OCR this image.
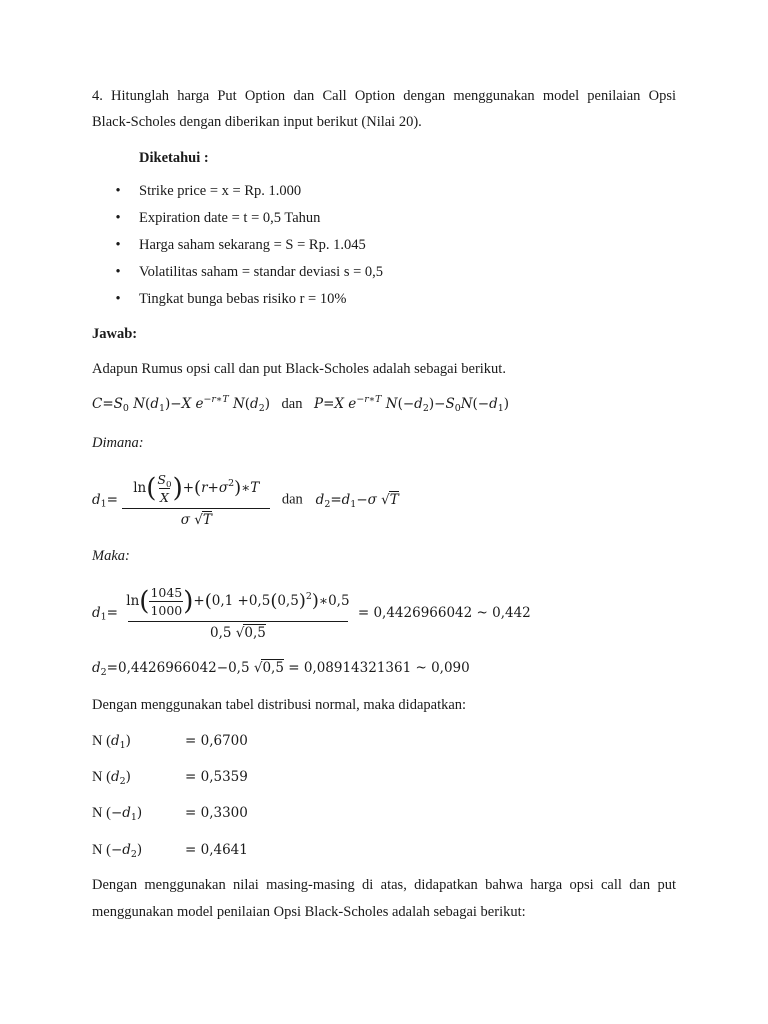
4. Hitunglah harga Put Option dan Call Option dengan menggunakan model penilaian Opsi
Black-Scholes dengan diberikan input berikut (Nilai 20).
Diketahui :
• Strike price = x = Rp. 1.000
• Expiration date = t = 0,5 Tahun
• Harga saham sekarang = S = Rp. 1.045
• Volatilitas saham = standar deviasi s = 0,5
• Tingkat bunga bebas risiko r = 10%
Jawab:
Adapun Rumus opsi call dan put Black-Scholes adalah sebagai berikut.
$C=S_0$ $N(d_1)-X$ $e^{-r∗T}$ $N(d_2)$   dan P=X $e^{-r∗T}$ $N(-d_2)-S_0N(-d_1)$
Dimana:
$d_1= \frac{\ln( \frac{S_0}{X} )+(r+\sigma^2)∗T}{\sigma √T}$ dan $d_2=d_1-\sigma$ √T
Maka:
$d_1= \frac{\ln( \frac{1045}{1000} )+(0,1 +0,5(0,5)^2)∗0,5}{0,5 √0,5} = 0,4426966042$ ~ 0,442
$d_2=0,4426966042-0,5$ √0,5 = 0,08914321361 ~ 0,090
Dengan menggunakan tabel distribusi normal, maka didapatkan:
N $(d_1)$	= 0,6700
N $(d_2)$	= 0,5359
N $(-d_1)$	= 0,3300
N $(-d_2)$	= 0,4641
Dengan menggunakan nilai masing-masing di atas, didapatkan bahwa harga opsi call dan put
menggunakan model penilaian Opsi Black-Scholes adalah sebagai berikut:
